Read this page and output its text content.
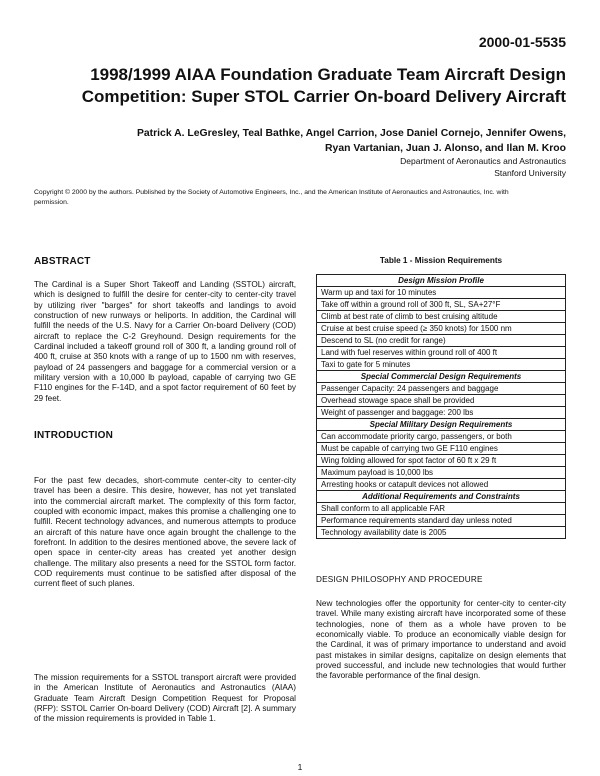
2000-01-5535
1998/1999 AIAA Foundation Graduate Team Aircraft Design
Competition: Super STOL Carrier On-board Delivery Aircraft
Patrick A. LeGresley, Teal Bathke, Angel Carrion, Jose Daniel Cornejo, Jennifer Owens,
Ryan Vartanian, Juan J. Alonso, and Ilan M. Kroo
Department of Aeronautics and Astronautics
Stanford University
Copyright © 2000 by the authors. Published by the Society of Automotive Engineers, Inc., and the American Institute of Aeronautics and Astronautics, Inc. with permission.
ABSTRACT

The Cardinal is a Super Short Takeoff and Landing (SSTOL) aircraft, which is designed to fulfill the desire for center-city to center-city travel by utilizing river "barges" for short takeoffs and landings to avoid construction of new runways or heliports. In addition, the Cardinal will fulfill the needs of the U.S. Navy for a Carrier On-board Delivery (COD) aircraft to replace the C-2 Greyhound. Design requirements for the Cardinal included a takeoff ground roll of 300 ft, a landing ground roll of 400 ft, cruise at 350 knots with a range of up to 1500 nm with reserves, payload of 24 passengers and baggage for a commercial version or a military version with a 10,000 lb payload, capable of carrying two GE F110 engines for the F-14D, and a spot factor requirement of 60 feet by 29 feet.

INTRODUCTION

For the past few decades, short-commute center-city to center-city travel has been a desire. This desire, however, has not yet translated into the commercial aircraft market. The complexity of this form factor, coupled with economic impact, makes this promise a challenging one to fulfill. Recent technology advances, and numerous attempts to produce an aircraft of this nature have once again brought the challenge to the forefront. In addition to the desires mentioned above, the severe lack of open space in center-city areas has created yet another design challenge. The military also presents a need for the SSTOL form factor. COD requirements must continue to be satisfied after disposal of the current fleet of such planes.

The mission requirements for a SSTOL transport aircraft were provided in the American Institute of Aeronautics and Astronautics (AIAA) Graduate Team Aircraft Design Competition Request for Proposal (RFP): SSTOL Carrier On-board Delivery (COD) Aircraft [2]. A summary of the mission requirements is provided in Table 1.

Table 1 - Mission Requirements
Design Mission Profile
Warm up and taxi for 10 minutes
Take off within a ground roll of 300 ft, SL, SA+27°F
Climb at best rate of climb to best cruising altitude
Cruise at best cruise speed (≥ 350 knots) for 1500 nm
Descend to SL (no credit for range)
Land with fuel reserves within ground roll of 400 ft
Taxi to gate for 5 minutes
Special Commercial Design Requirements
Passenger Capacity: 24 passengers and baggage
Overhead stowage space shall be provided
Weight of passenger and baggage: 200 lbs
Special Military Design Requirements
Can accommodate priority cargo, passengers, or both
Must be capable of carrying two GE F110 engines
Wing folding allowed for spot factor of 60 ft x 29 ft
Maximum payload is 10,000 lbs
Arresting hooks or catapult devices not allowed
Additional Requirements and Constraints
Shall conform to all applicable FAR
Performance requirements standard day unless noted
Technology availability date is 2005
DESIGN PHILOSOPHY AND PROCEDURE

New technologies offer the opportunity for center-city to center-city travel. While many existing aircraft have incorporated some of these technologies, none of them as a whole have proven to be economically viable. To produce an economically viable design for the Cardinal, it was of primary importance to understand and avoid past mistakes in similar designs, capitalize on design elements that proved successful, and include new technologies that would further the favorable performance of the final design.

1
